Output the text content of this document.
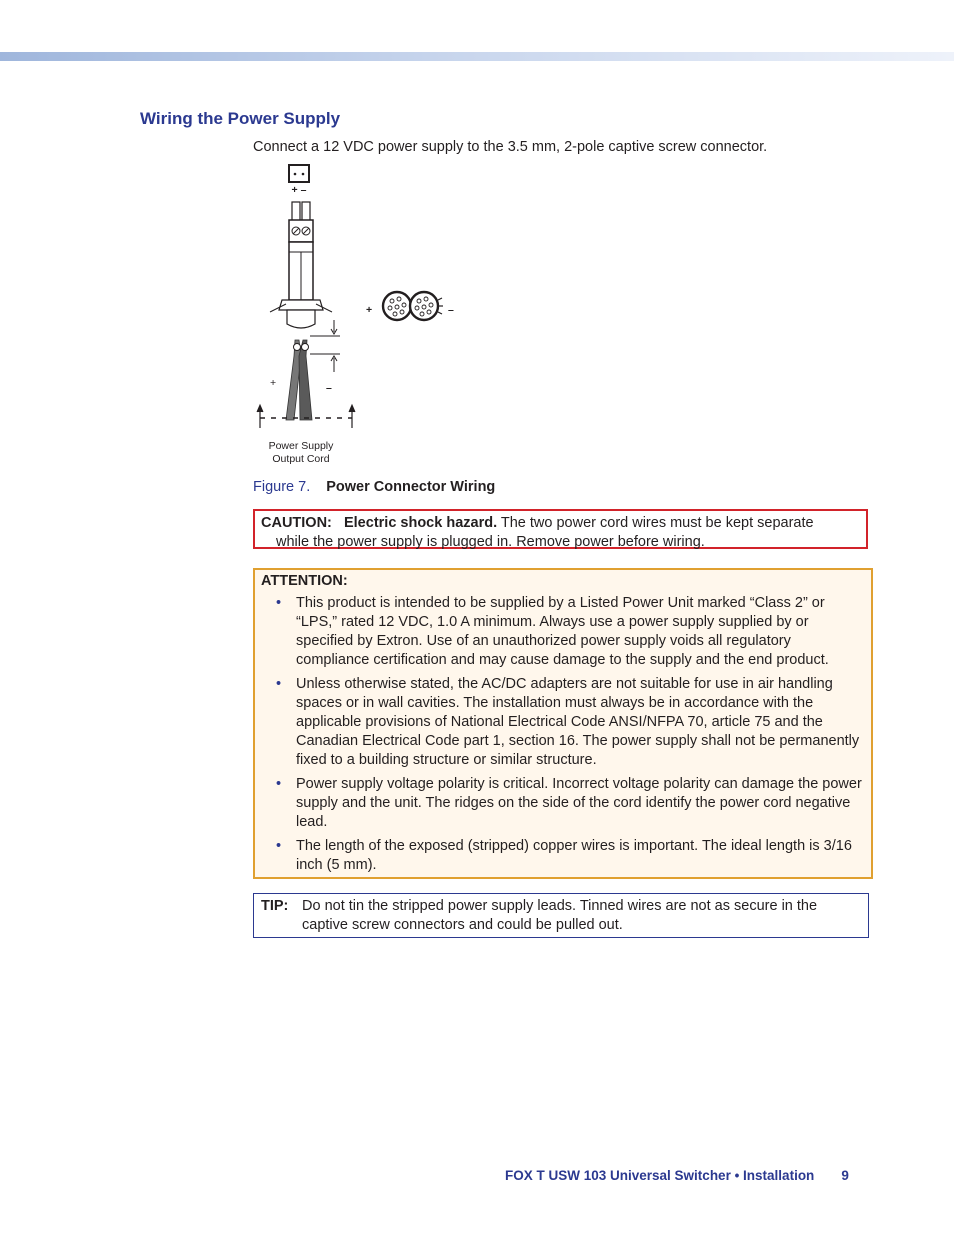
Wiring the Power Supply

Connect a 12 VDC power supply to the 3.5 mm, 2-pole captive screw connector.

+ –
+	–
Power Supply
Output Cord
+	–

Figure 7. Power Connector Wiring

CAUTION: Electric shock hazard. The two power cord wires must be kept separate
while the power supply is plugged in. Remove power before wiring.
ATTENTION:
• This product is intended to be supplied by a Listed Power Unit marked “Class 2” or “LPS,” rated 12 VDC, 1.0 A minimum. Always use a power supply supplied by or specified by Extron. Use of an unauthorized power supply voids all regulatory compliance certification and may cause damage to the supply and the end product.
• Unless otherwise stated, the AC/DC adapters are not suitable for use in air handling spaces or in wall cavities. The installation must always be in accordance with the applicable provisions of National Electrical Code ANSI/NFPA 70, article 75 and the Canadian Electrical Code part 1, section 16. The power supply shall not be permanently fixed to a building structure or similar structure.
• Power supply voltage polarity is critical. Incorrect voltage polarity can damage the power supply and the unit. The ridges on the side of the cord identify the power cord negative lead.
• The length of the exposed (stripped) copper wires is important. The ideal length is 3/16 inch (5 mm).
TIP: Do not tin the stripped power supply leads. Tinned wires are not as secure in the captive screw connectors and could be pulled out.

FOX T USW 103 Universal Switcher • Installation 9
